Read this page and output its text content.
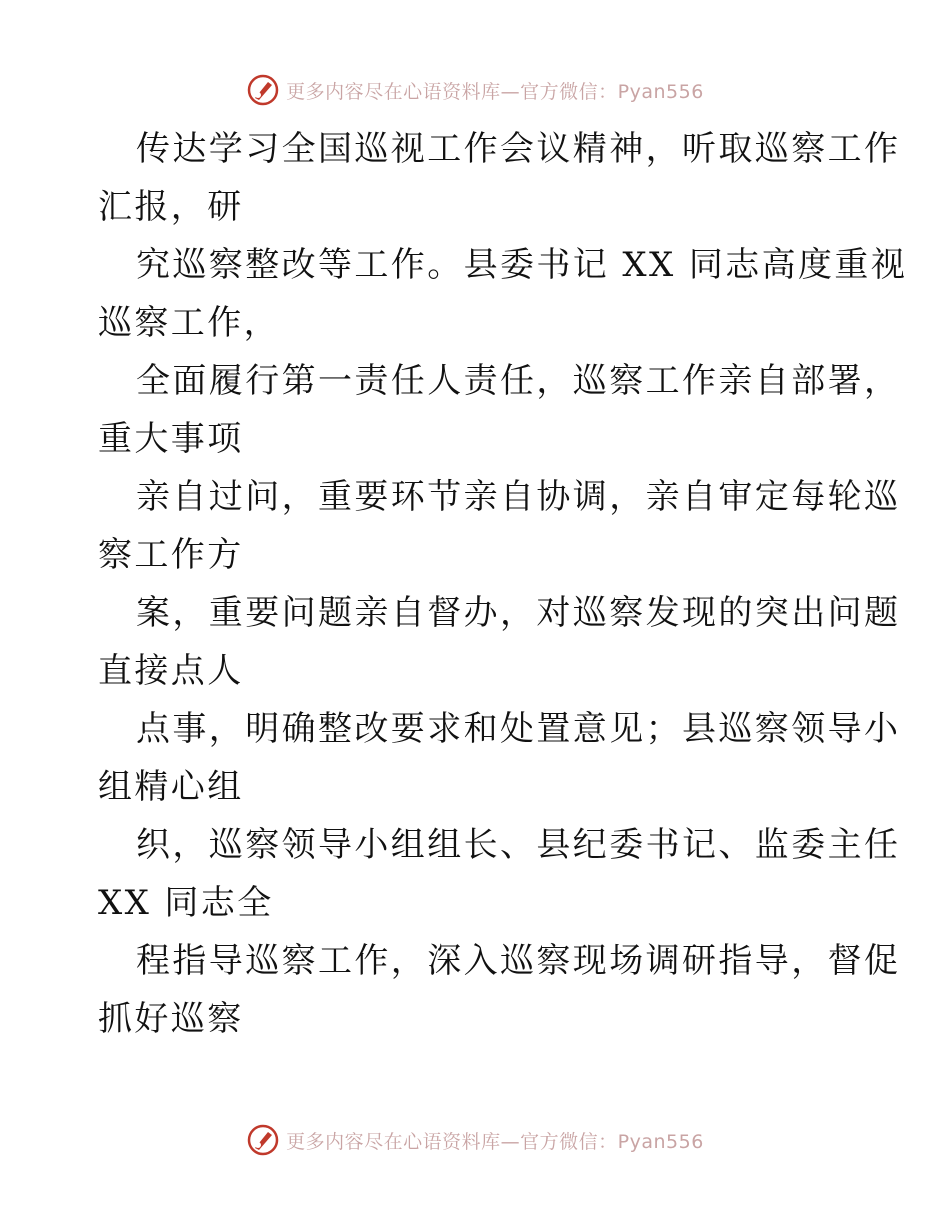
更多内容尽在心语资料库—官方微信：Pyan556
传达学习全国巡视工作会议精神，听取巡察工作
汇报，研
究巡察整改等工作。县委书记 XX 同志高度重视
巡察工作，
全面履行第一责任人责任，巡察工作亲自部署，
重大事项
亲自过问，重要环节亲自协调，亲自审定每轮巡
察工作方
案，重要问题亲自督办，对巡察发现的突出问题
直接点人
点事，明确整改要求和处置意见；县巡察领导小
组精心组
织，巡察领导小组组长、县纪委书记、监委主任
XX 同志全
程指导巡察工作，深入巡察现场调研指导，督促
抓好巡察
更多内容尽在心语资料库—官方微信：Pyan556
